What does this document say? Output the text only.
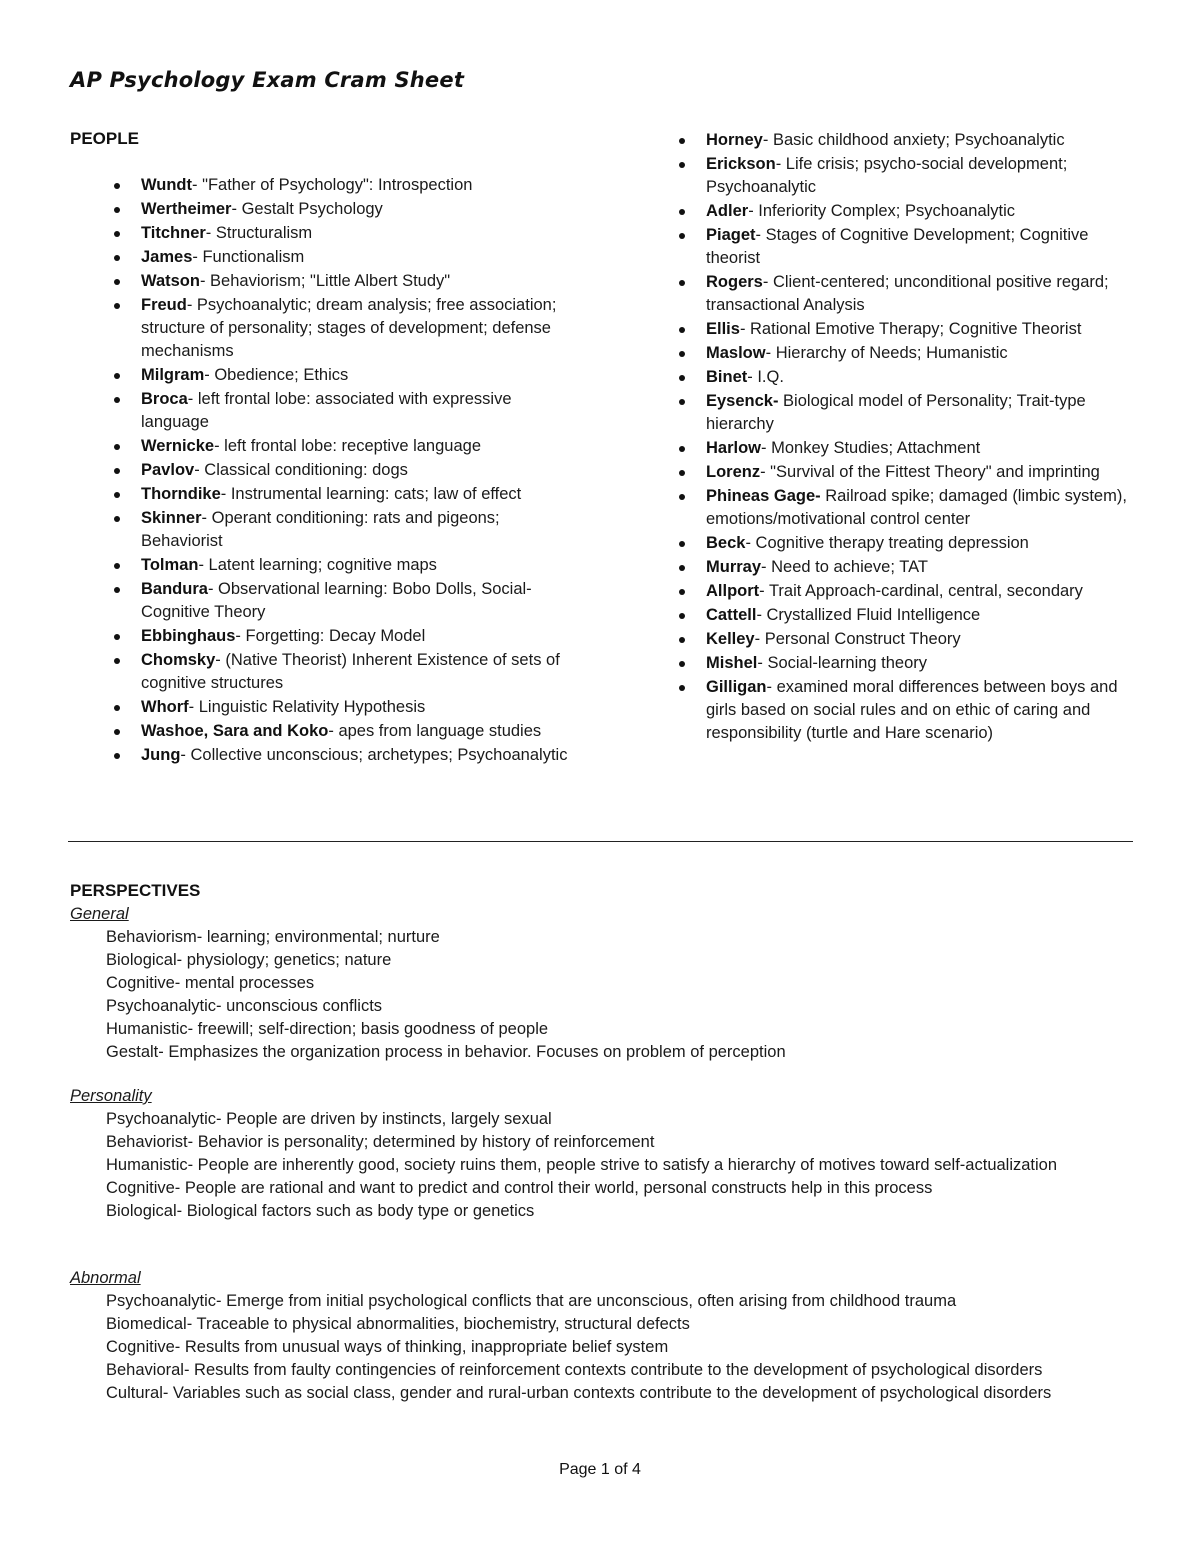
AP Psychology Exam Cram Sheet
PEOPLE
Wundt- "Father of Psychology": Introspection
Wertheimer- Gestalt Psychology
Titchner- Structuralism
James- Functionalism
Watson- Behaviorism; "Little Albert Study"
Freud- Psychoanalytic; dream analysis; free association; structure of personality; stages of development; defense mechanisms
Milgram- Obedience; Ethics
Broca- left frontal lobe: associated with expressive language
Wernicke- left frontal lobe: receptive language
Pavlov- Classical conditioning: dogs
Thorndike- Instrumental learning: cats; law of effect
Skinner- Operant conditioning: rats and pigeons; Behaviorist
Tolman- Latent learning; cognitive maps
Bandura- Observational learning: Bobo Dolls, Social-Cognitive Theory
Ebbinghaus- Forgetting: Decay Model
Chomsky- (Native Theorist) Inherent Existence of sets of cognitive structures
Whorf- Linguistic Relativity Hypothesis
Washoe, Sara and Koko- apes from language studies
Jung- Collective unconscious; archetypes; Psychoanalytic
Horney- Basic childhood anxiety; Psychoanalytic
Erickson- Life crisis; psycho-social development; Psychoanalytic
Adler- Inferiority Complex; Psychoanalytic
Piaget- Stages of Cognitive Development; Cognitive theorist
Rogers- Client-centered; unconditional positive regard; transactional Analysis
Ellis- Rational Emotive Therapy; Cognitive Theorist
Maslow- Hierarchy of Needs; Humanistic
Binet- I.Q.
Eysenck- Biological model of Personality; Trait-type hierarchy
Harlow- Monkey Studies; Attachment
Lorenz- "Survival of the Fittest Theory" and imprinting
Phineas Gage- Railroad spike; damaged (limbic system), emotions/motivational control center
Beck- Cognitive therapy treating depression
Murray- Need to achieve; TAT
Allport- Trait Approach-cardinal, central, secondary
Cattell- Crystallized Fluid Intelligence
Kelley- Personal Construct Theory
Mishel- Social-learning theory
Gilligan- examined moral differences between boys and girls based on social rules and on ethic of caring and responsibility (turtle and Hare scenario)
PERSPECTIVES

General

Behaviorism- learning; environmental; nurture
Biological- physiology; genetics; nature
Cognitive- mental processes
Psychoanalytic- unconscious conflicts
Humanistic- freewill; self-direction; basis goodness of people
Gestalt- Emphasizes the organization process in behavior. Focuses on problem of perception

Personality

Psychoanalytic- People are driven by instincts, largely sexual
Behaviorist- Behavior is personality; determined by history of reinforcement
Humanistic- People are inherently good, society ruins them, people strive to satisfy a hierarchy of motives toward self-actualization
Cognitive- People are rational and want to predict and control their world, personal constructs help in this process
Biological- Biological factors such as body type or genetics

Abnormal

Psychoanalytic- Emerge from initial psychological conflicts that are unconscious, often arising from childhood trauma
Biomedical- Traceable to physical abnormalities, biochemistry, structural defects
Cognitive- Results from unusual ways of thinking, inappropriate belief system
Behavioral- Results from faulty contingencies of reinforcement contexts contribute to the development of psychological disorders
Cultural- Variables such as social class, gender and rural-urban contexts contribute to the development of psychological disorders
Page 1 of 4
